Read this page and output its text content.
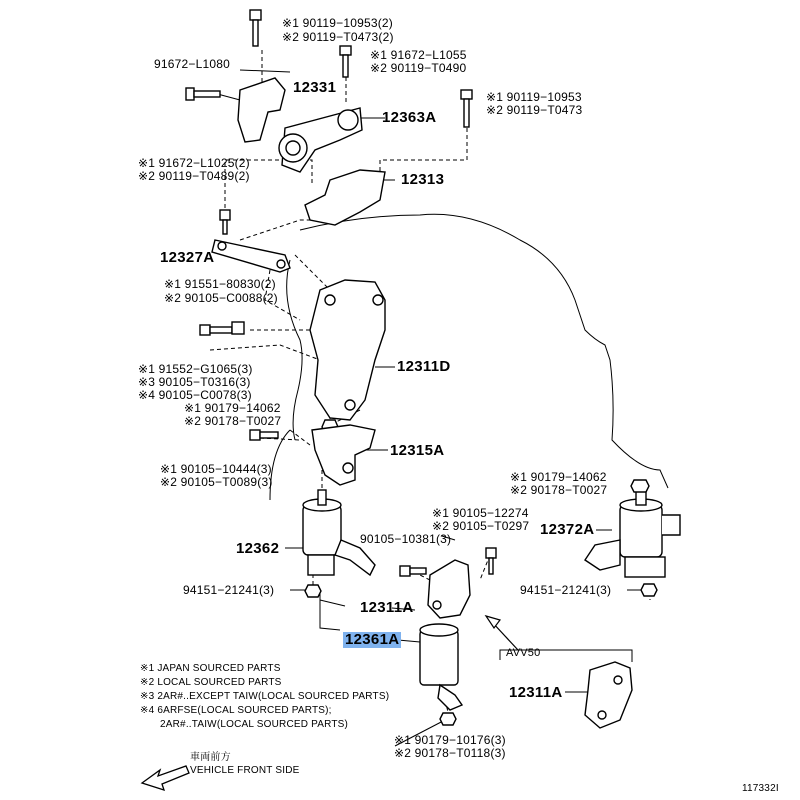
12331
12363A
12313
12327A
12311D
12315A
12362
12372A
12311A
12361A
12311A
91672−L1080
90105−10381(3)
94151−21241(3)	94151−21241(3)
AVV50
※1 90119−10953(2)
※2 90119−T0473(2)
※1 91672−L1055
※2 90119−T0490
※1 90119−10953
※2 90119−T0473
※1 91672−L1025(2)
※2 90119−T0489(2)
※1 91551−80830(2)
※2 90105−C0088(2)
※1 91552−G1065(3)
※3 90105−T0316(3)
※4 90105−C0078(3)
※1 90179−14062
※2 90178−T0027
※1 90105−10444(3)
※2 90105−T0089(3)
※1 90105−12274
※2 90105−T0297
※1 90179−14062
※2 90178−T0027
※1 90179−10176(3)
※2 90178−T0118(3)
※1 JAPAN SOURCED PARTS
※2 LOCAL SOURCED PARTS
※3 2AR#..EXCEPT TAIW(LOCAL SOURCED PARTS)
※4 6ARFSE(LOCAL SOURCED PARTS);
2AR#..TAIW(LOCAL SOURCED PARTS)
車両前方
VEHICLE FRONT SIDE
117332I
